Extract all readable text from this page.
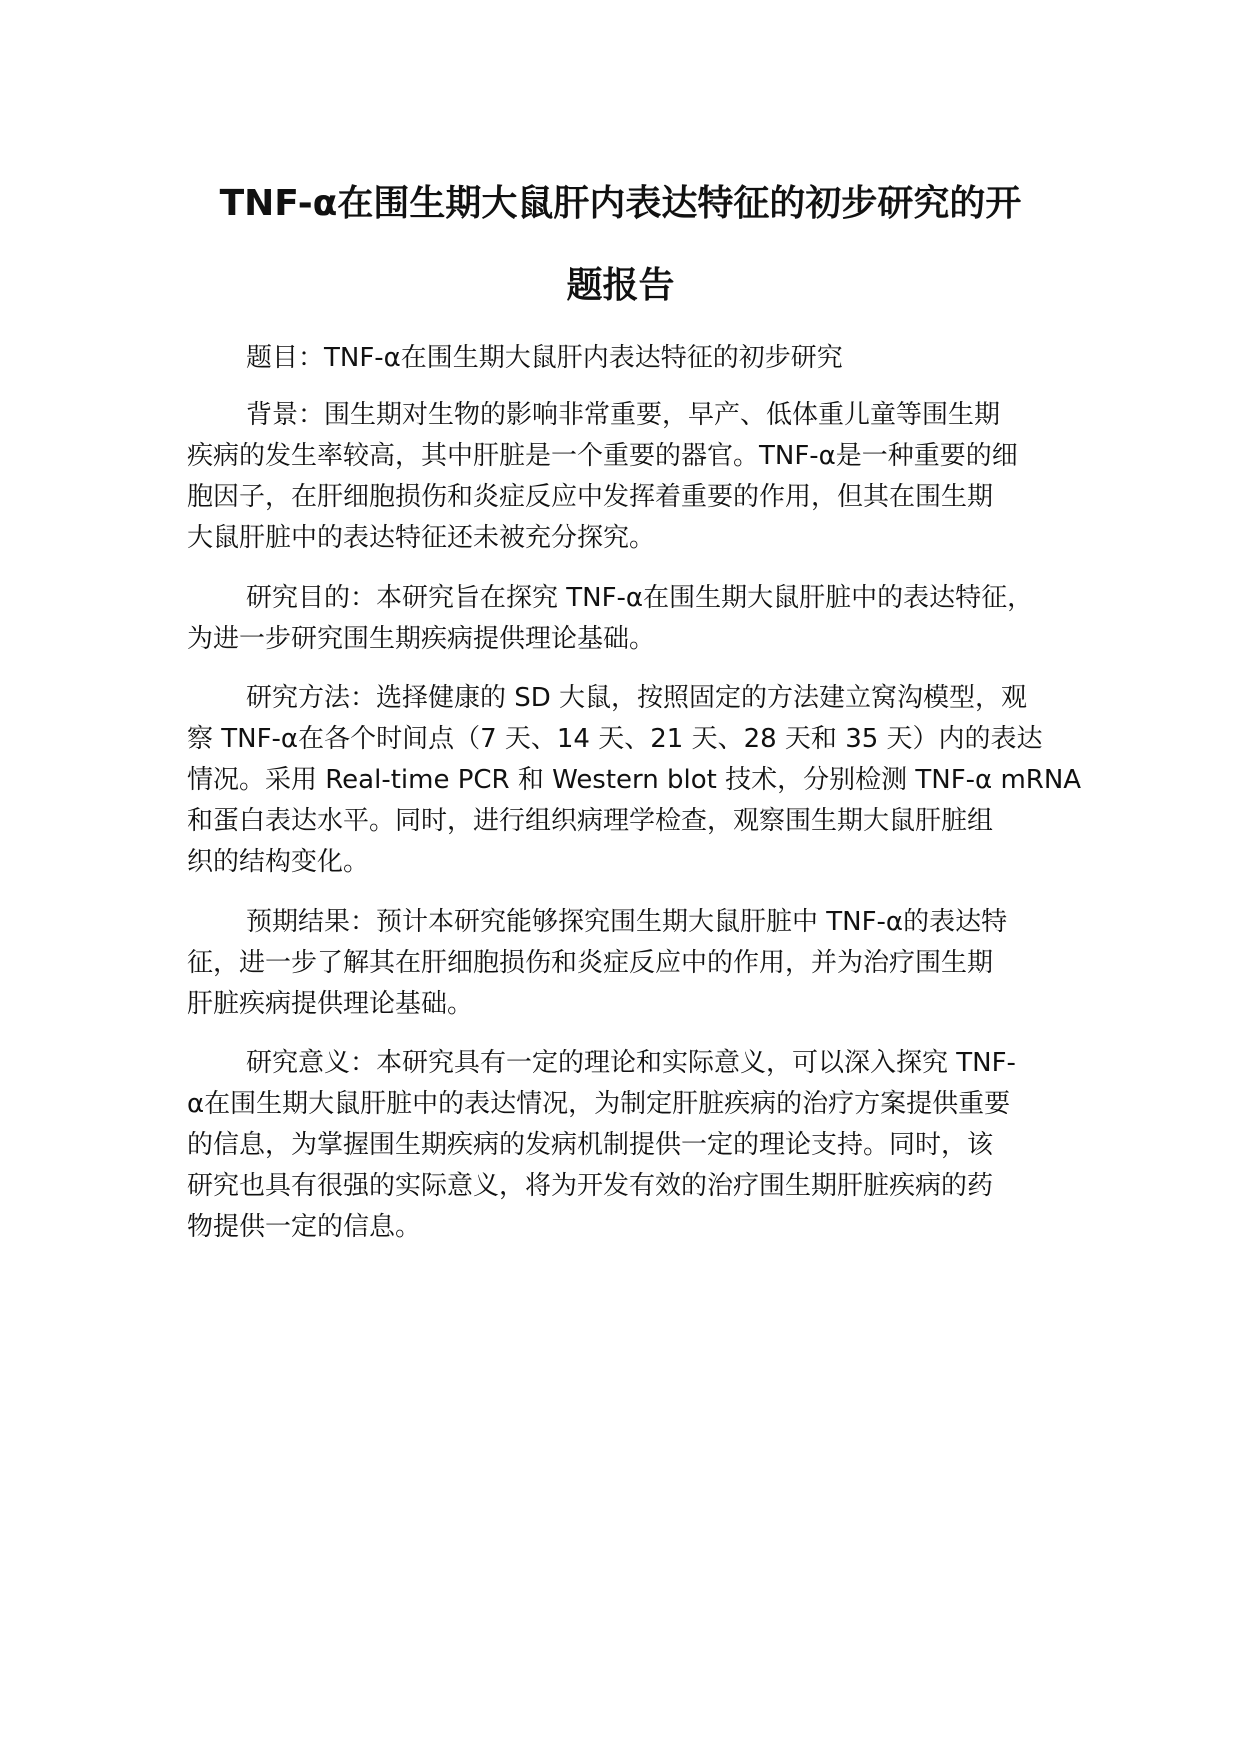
TNF-α在围生期大鼠肝内表达特征的初步研究的开
题报告
题目：TNF-α在围生期大鼠肝内表达特征的初步研究
背景：围生期对生物的影响非常重要，早产、低体重儿童等围生期
疾病的发生率较高，其中肝脏是一个重要的器官。TNF-α是一种重要的细
胞因子，在肝细胞损伤和炎症反应中发挥着重要的作用，但其在围生期
大鼠肝脏中的表达特征还未被充分探究。
研究目的：本研究旨在探究 TNF-α在围生期大鼠肝脏中的表达特征，
为进一步研究围生期疾病提供理论基础。
研究方法：选择健康的 SD 大鼠，按照固定的方法建立窝沟模型，观
察 TNF-α在各个时间点（7 天、14 天、21 天、28 天和 35 天）内的表达
情况。采用 Real-time PCR 和 Western blot 技术，分别检测 TNF-α mRNA
和蛋白表达水平。同时，进行组织病理学检查，观察围生期大鼠肝脏组
织的结构变化。
预期结果：预计本研究能够探究围生期大鼠肝脏中 TNF-α的表达特
征，进一步了解其在肝细胞损伤和炎症反应中的作用，并为治疗围生期
肝脏疾病提供理论基础。
研究意义：本研究具有一定的理论和实际意义，可以深入探究 TNF-
α在围生期大鼠肝脏中的表达情况，为制定肝脏疾病的治疗方案提供重要
的信息，为掌握围生期疾病的发病机制提供一定的理论支持。同时，该
研究也具有很强的实际意义，将为开发有效的治疗围生期肝脏疾病的药
物提供一定的信息。
